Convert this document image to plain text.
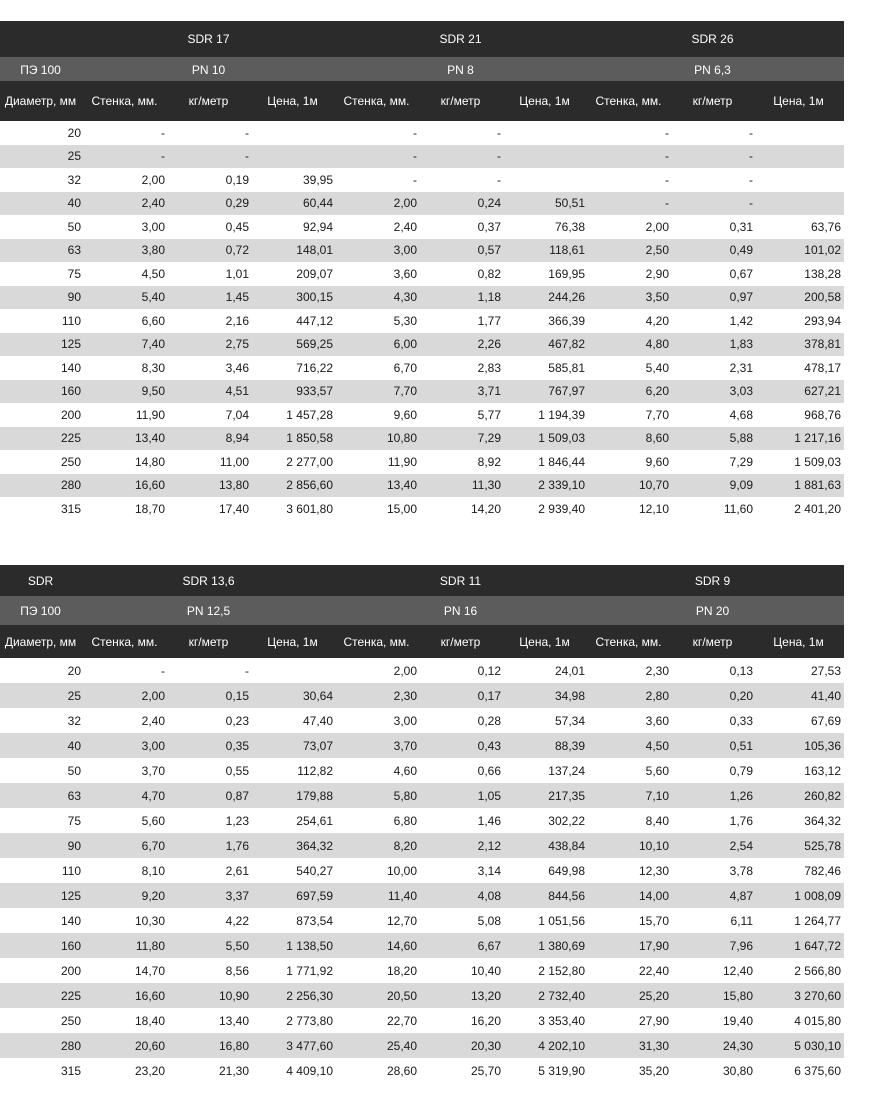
		SDR 17			SDR 21			SDR 26	
ПЭ 100		PN 10			PN 8			PN 6,3	
Диаметр, мм	Стенка, мм.	кг/метр	Цена, 1м	Стенка, мм.	кг/метр	Цена, 1м	Стенка, мм.	кг/метр	Цена, 1м
20	-	-		-	-		-	-	
25	-	-		-	-		-	-	
32	2,00	0,19	39,95	-	-		-	-	
40	2,40	0,29	60,44	2,00	0,24	50,51	-	-	
50	3,00	0,45	92,94	2,40	0,37	76,38	2,00	0,31	63,76
63	3,80	0,72	148,01	3,00	0,57	118,61	2,50	0,49	101,02
75	4,50	1,01	209,07	3,60	0,82	169,95	2,90	0,67	138,28
90	5,40	1,45	300,15	4,30	1,18	244,26	3,50	0,97	200,58
110	6,60	2,16	447,12	5,30	1,77	366,39	4,20	1,42	293,94
125	7,40	2,75	569,25	6,00	2,26	467,82	4,80	1,83	378,81
140	8,30	3,46	716,22	6,70	2,83	585,81	5,40	2,31	478,17
160	9,50	4,51	933,57	7,70	3,71	767,97	6,20	3,03	627,21
200	11,90	7,04	1 457,28	9,60	5,77	1 194,39	7,70	4,68	968,76
225	13,40	8,94	1 850,58	10,80	7,29	1 509,03	8,60	5,88	1 217,16
250	14,80	11,00	2 277,00	11,90	8,92	1 846,44	9,60	7,29	1 509,03
280	16,60	13,80	2 856,60	13,40	11,30	2 339,10	10,70	9,09	1 881,63
315	18,70	17,40	3 601,80	15,00	14,20	2 939,40	12,10	11,60	2 401,20
SDR		SDR 13,6			SDR 11			SDR 9	
ПЭ 100		PN 12,5			PN 16			PN 20	
Диаметр, мм	Стенка, мм.	кг/метр	Цена, 1м	Стенка, мм.	кг/метр	Цена, 1м	Стенка, мм.	кг/метр	Цена, 1м
20	-	-		2,00	0,12	24,01	2,30	0,13	27,53
25	2,00	0,15	30,64	2,30	0,17	34,98	2,80	0,20	41,40
32	2,40	0,23	47,40	3,00	0,28	57,34	3,60	0,33	67,69
40	3,00	0,35	73,07	3,70	0,43	88,39	4,50	0,51	105,36
50	3,70	0,55	112,82	4,60	0,66	137,24	5,60	0,79	163,12
63	4,70	0,87	179,88	5,80	1,05	217,35	7,10	1,26	260,82
75	5,60	1,23	254,61	6,80	1,46	302,22	8,40	1,76	364,32
90	6,70	1,76	364,32	8,20	2,12	438,84	10,10	2,54	525,78
110	8,10	2,61	540,27	10,00	3,14	649,98	12,30	3,78	782,46
125	9,20	3,37	697,59	11,40	4,08	844,56	14,00	4,87	1 008,09
140	10,30	4,22	873,54	12,70	5,08	1 051,56	15,70	6,11	1 264,77
160	11,80	5,50	1 138,50	14,60	6,67	1 380,69	17,90	7,96	1 647,72
200	14,70	8,56	1 771,92	18,20	10,40	2 152,80	22,40	12,40	2 566,80
225	16,60	10,90	2 256,30	20,50	13,20	2 732,40	25,20	15,80	3 270,60
250	18,40	13,40	2 773,80	22,70	16,20	3 353,40	27,90	19,40	4 015,80
280	20,60	16,80	3 477,60	25,40	20,30	4 202,10	31,30	24,30	5 030,10
315	23,20	21,30	4 409,10	28,60	25,70	5 319,90	35,20	30,80	6 375,60
